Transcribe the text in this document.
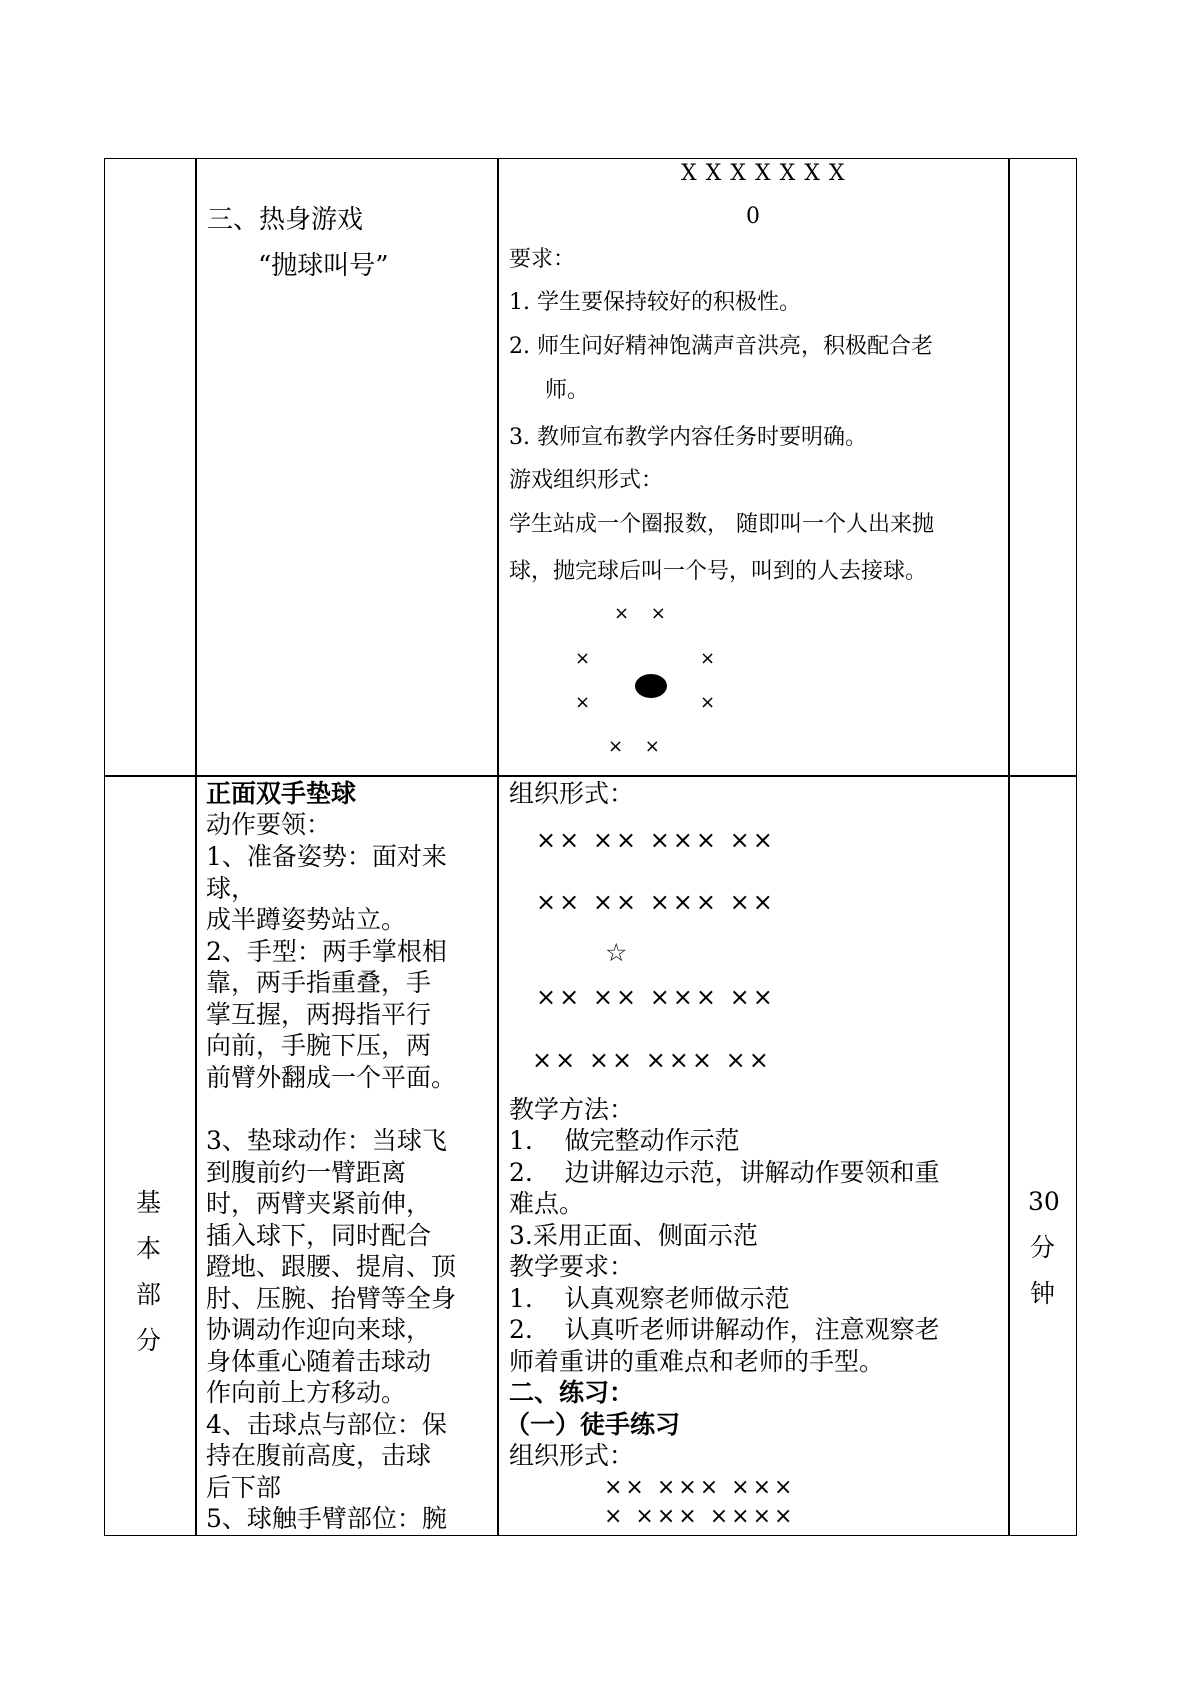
三、热身游戏
“抛球叫号”
X X X X X X X
0
要求：
1. 学生要保持较好的积极性。
2. 师生问好精神饱满声音洪亮，积极配合老
师。
3. 教师宣布教学内容任务时要明确。
游戏组织形式：
学生站成一个圈报数， 随即叫一个人出来抛
球，抛完球后叫一个号，叫到的人去接球。
× ×
×	×
×	×
× ×
基
本
部
分
30
分
钟
正面双手垫球
动作要领：
1、准备姿势：面对来
球，
成半蹲姿势站立。
2、手型：两手掌根相
靠，两手指重叠，手
掌互握，两拇指平行
向前，手腕下压，两
前臂外翻成一个平面。
3、垫球动作：当球飞
到腹前约一臂距离
时，两臂夹紧前伸，
插入球下，同时配合
蹬地、跟腰、提肩、顶
肘、压腕、抬臂等全身
协调动作迎向来球，
身体重心随着击球动
作向前上方移动。
4、击球点与部位：保
持在腹前高度，击球
后下部
5、球触手臂部位：腕
组织形式：
×× ×× ××× ××
×× ×× ××× ××
☆
×× ×× ××× ××
×× ×× ××× ××
教学方法：
1.    做完整动作示范
2.    边讲解边示范，讲解动作要领和重
难点。
3.采用正面、侧面示范
教学要求：
1.    认真观察老师做示范
2.    认真听老师讲解动作，注意观察老
师着重讲的重难点和老师的手型。
二、练习：
（一）徒手练习
组织形式：
×× ××× ×××
× ××× ××××
